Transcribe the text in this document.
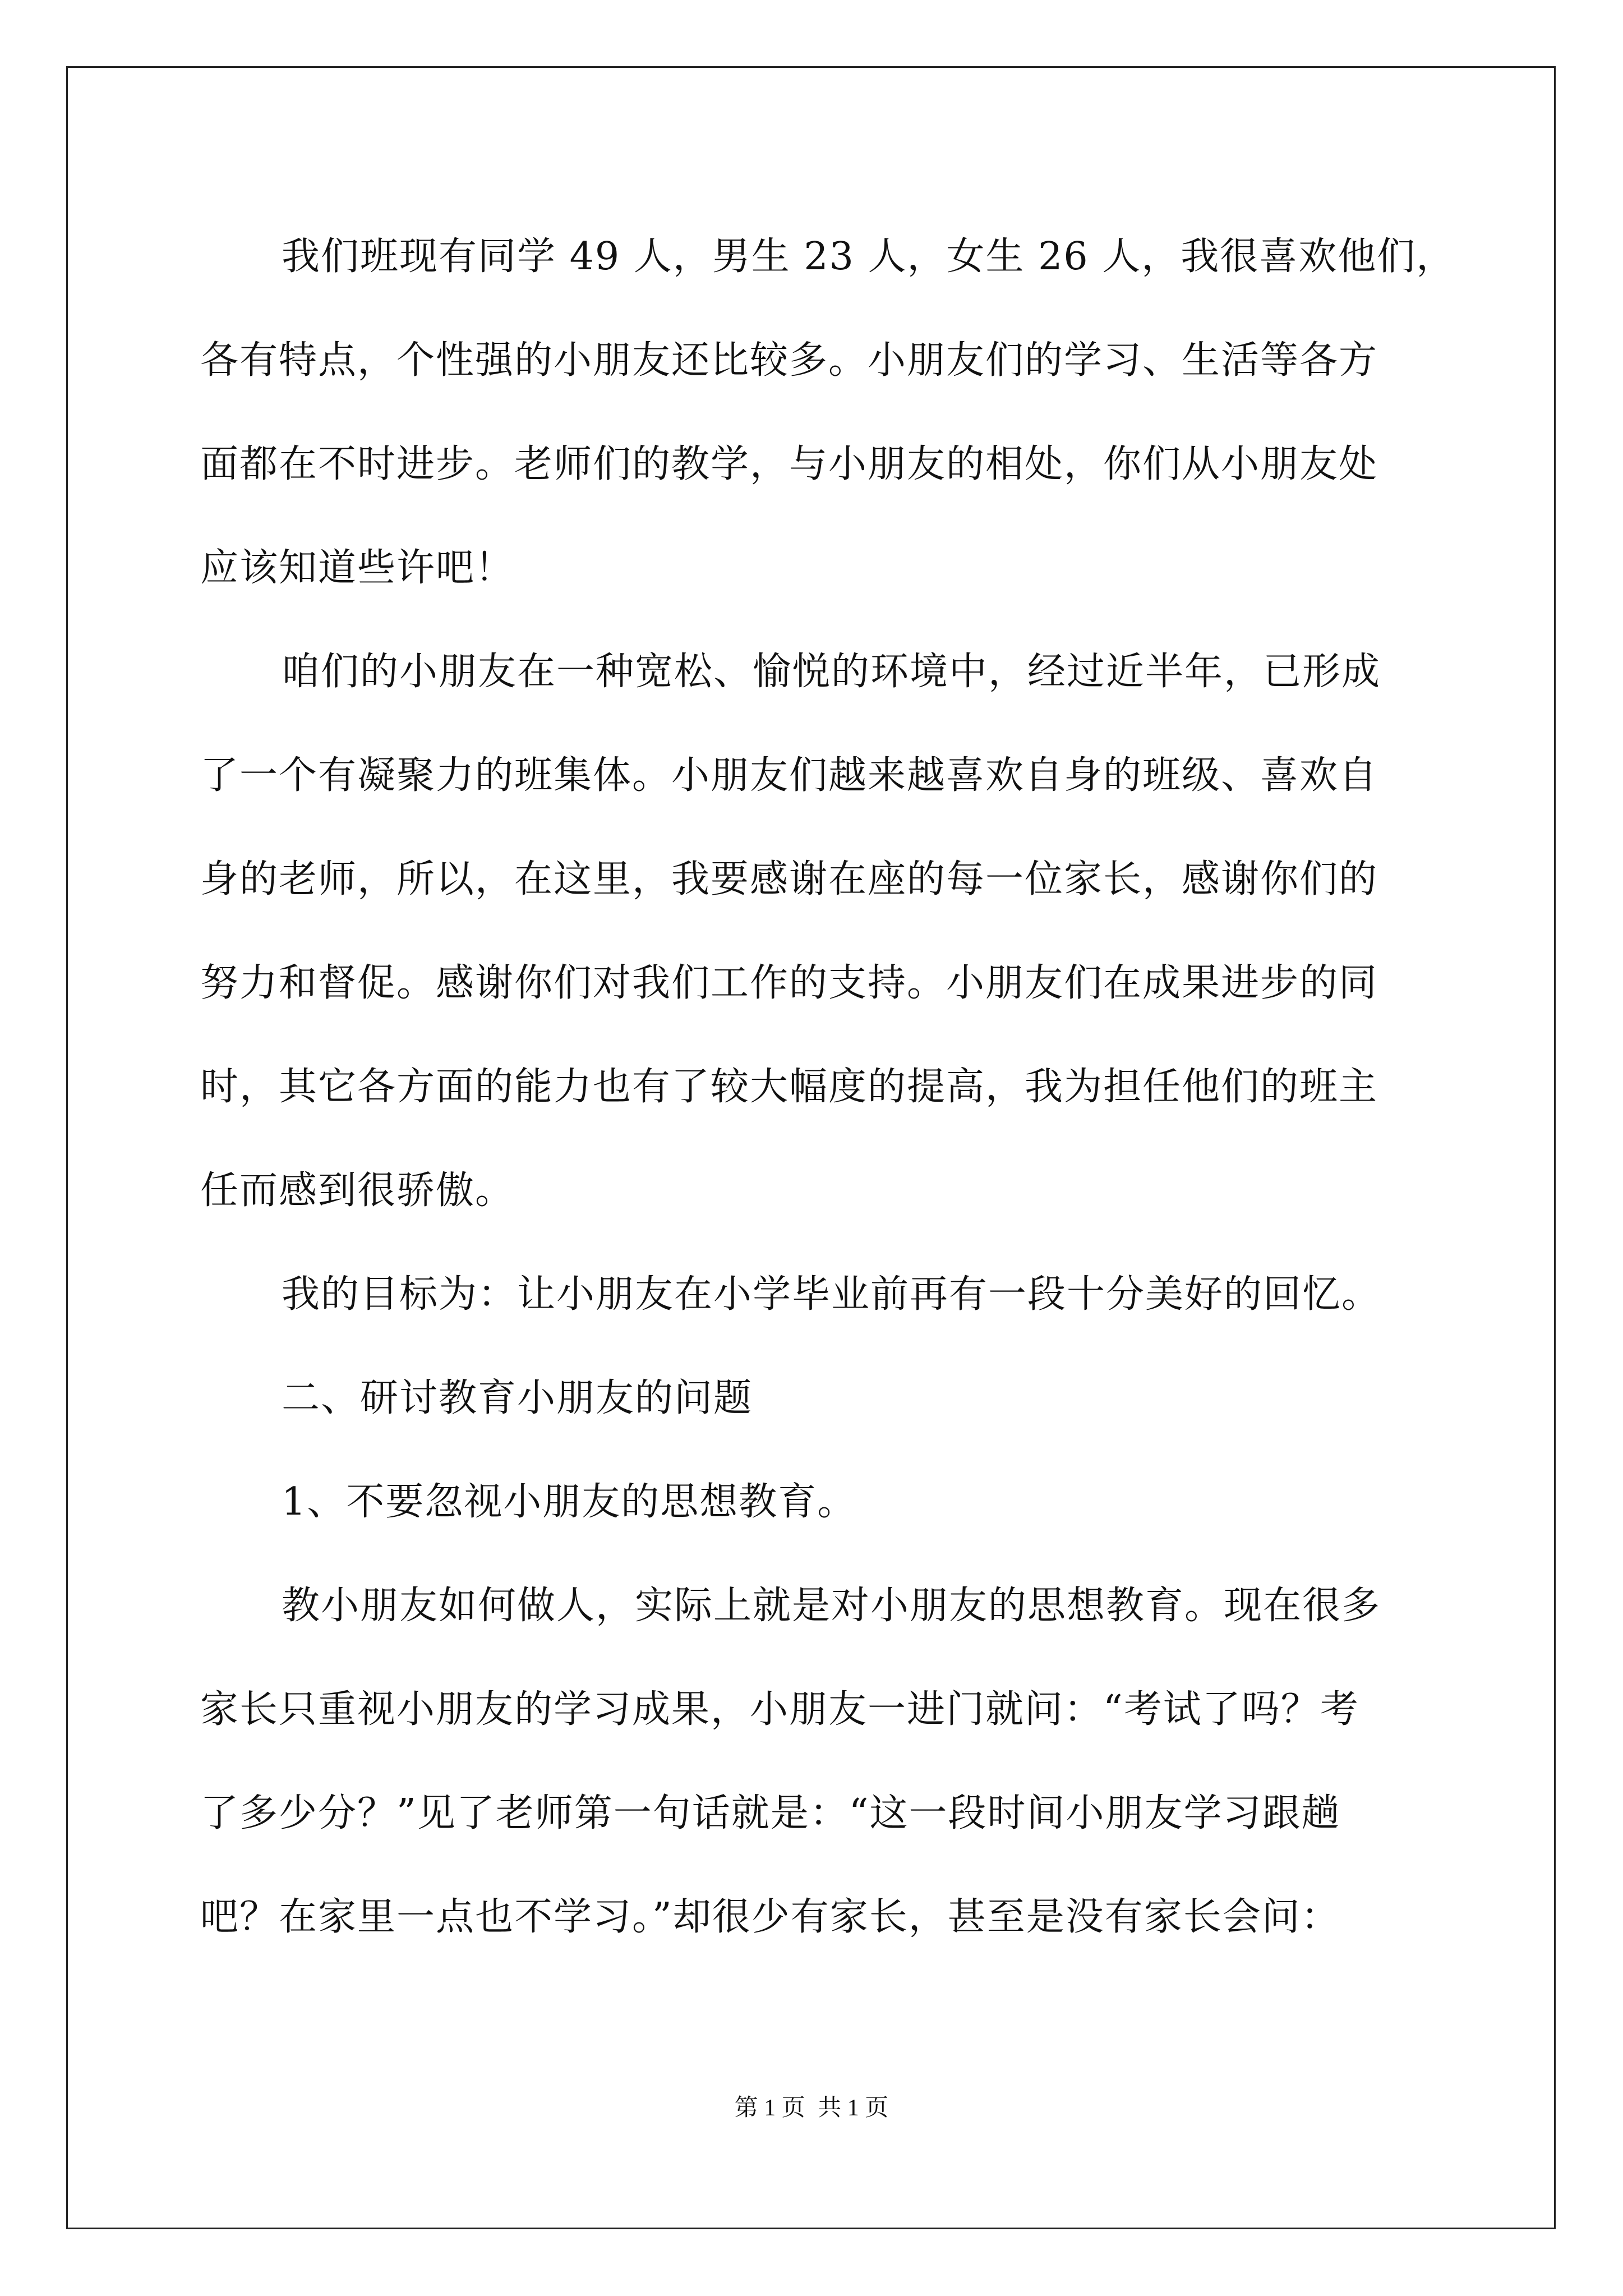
我们班现有同学 49 人，男生 23 人，女生 26 人，我很喜欢他们，
各有特点，个性强的小朋友还比较多。小朋友们的学习、生活等各方
面都在不时进步。老师们的教学，与小朋友的相处，你们从小朋友处
应该知道些许吧！
咱们的小朋友在一种宽松、愉悦的环境中，经过近半年，已形成
了一个有凝聚力的班集体。小朋友们越来越喜欢自身的班级、喜欢自
身的老师，所以，在这里，我要感谢在座的每一位家长，感谢你们的
努力和督促。感谢你们对我们工作的支持。小朋友们在成果进步的同
时，其它各方面的能力也有了较大幅度的提高，我为担任他们的班主
任而感到很骄傲。
我的目标为：让小朋友在小学毕业前再有一段十分美好的回忆。
二、研讨教育小朋友的问题
1、不要忽视小朋友的思想教育。
教小朋友如何做人，实际上就是对小朋友的思想教育。现在很多
家长只重视小朋友的学习成果，小朋友一进门就问：“考试了吗？考
了多少分？”见了老师第一句话就是：“这一段时间小朋友学习跟趟
吧？在家里一点也不学习。”却很少有家长，甚至是没有家长会问：
第 1 页 共 1 页
